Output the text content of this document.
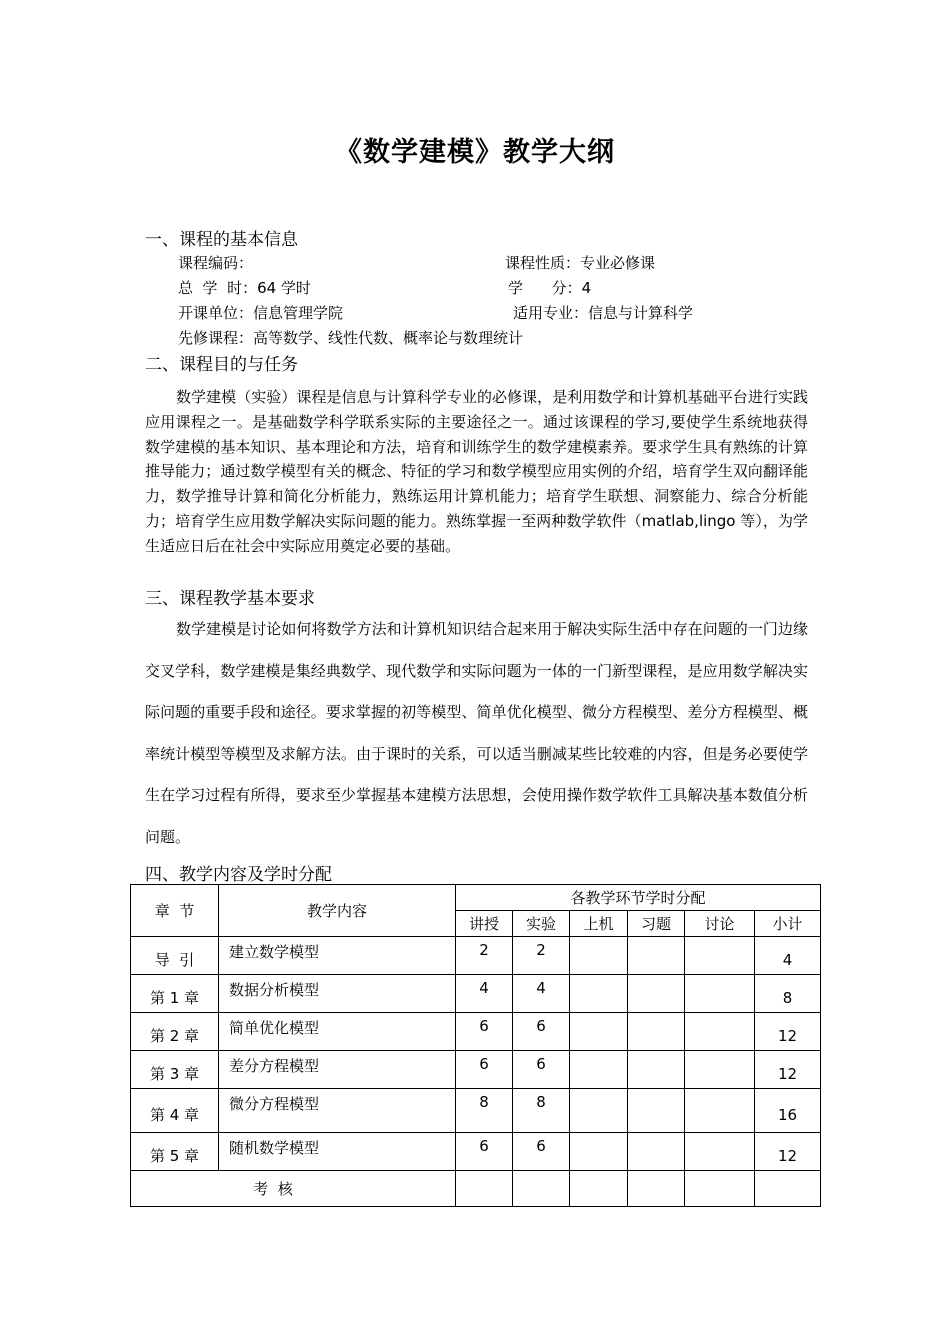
《数学建模》教学大纲
一、课程的基本信息
课程编码：	课程性质：专业必修课
总  学  时：64 学时	学      分：4
开课单位：信息管理学院	适用专业：信息与计算科学
先修课程：高等数学、线性代数、概率论与数理统计
二、课程目的与任务
数学建模（实验）课程是信息与计算科学专业的必修课，是利用数学和计算机基础平台进行实践应用课程之一。是基础数学科学联系实际的主要途径之一。通过该课程的学习,要使学生系统地获得数学建模的基本知识、基本理论和方法，培育和训练学生的数学建模素养。要求学生具有熟练的计算推导能力；通过数学模型有关的概念、特征的学习和数学模型应用实例的介绍，培育学生双向翻译能力，数学推导计算和简化分析能力，熟练运用计算机能力；培育学生联想、洞察能力、综合分析能力；培育学生应用数学解决实际问题的能力。熟练掌握一至两种数学软件（matlab,lingo 等），为学生适应日后在社会中实际应用奠定必要的基础。
三、课程教学基本要求
数学建模是讨论如何将数学方法和计算机知识结合起来用于解决实际生活中存在问题的一门边缘交叉学科，数学建模是集经典数学、现代数学和实际问题为一体的一门新型课程，是应用数学解决实际问题的重要手段和途径。要求掌握的初等模型、简单优化模型、微分方程模型、差分方程模型、概率统计模型等模型及求解方法。由于课时的关系，可以适当删减某些比较难的内容，但是务必要使学生在学习过程有所得，要求至少掌握基本建模方法思想，会使用操作数学软件工具解决基本数值分析问题。
四、教学内容及学时分配
章  节	教学内容	各教学环节学时分配					
		讲授	实验	上机	习题	讨论	小计
导  引	建立数学模型	2	2				4
第 1 章	数据分析模型	4	4				8
第 2 章	简单优化模型	6	6				12
第 3 章	差分方程模型	6	6				12
第 4 章	微分方程模型	8	8				16
第 5 章	随机数学模型	6	6				12
考  核							
